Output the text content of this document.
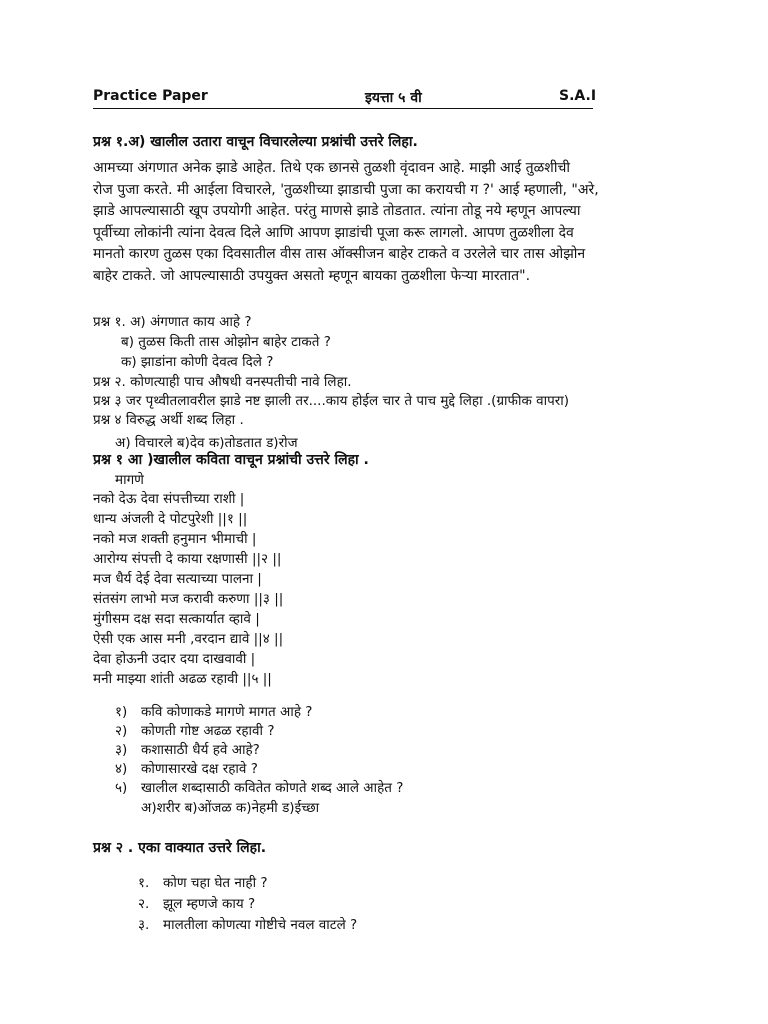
Practice Paper	इयत्ता ५ वी	S.A.I
प्रश्न १.अ) खालील उतारा वाचून विचारलेल्या प्रश्नांची उत्तरे लिहा.
आमच्या अंगणात अनेक झाडे आहेत. तिथे एक छानसे तुळशी वृंदावन आहे. माझी आई तुळशीची
रोज पुजा करते. मी आईला विचारले, 'तुळशीच्या झाडाची पुजा का करायची ग ?' आई म्हणाली, "अरे,
झाडे आपल्यासाठी खूप उपयोगी आहेत. परंतु माणसे झाडे तोडतात. त्यांना तोडू नये म्हणून आपल्या
पूर्वीच्या लोकांनी त्यांना देवत्व दिले आणि आपण झाडांची पूजा करू लागलो. आपण तुळशीला देव
मानतो कारण तुळस एका दिवसातील वीस तास ऑक्सीजन बाहेर टाकते व उरलेले चार तास ओझोन
बाहेर टाकते. जो आपल्यासाठी उपयुक्त असतो म्हणून बायका तुळशीला फेऱ्या मारतात".
प्रश्न १. अ) अंगणात काय आहे ?
ब) तुळस किती तास ओझोन बाहेर टाकते ?
क) झाडांना कोणी देवत्व दिले ?
प्रश्न २. कोणत्याही पाच औषधी वनस्पतीची नावे लिहा.
प्रश्न ३ जर पृथ्वीतलावरील झाडे नष्ट झाली तर....काय होईल चार ते पाच मुद्दे लिहा .(ग्राफीक वापरा)
प्रश्न ४ विरुद्ध अर्थी शब्द लिहा .
अ) विचारले ब)देव क)तोडतात ड)रोज
प्रश्न १ आ )खालील कविता वाचून प्रश्नांची उत्तरे लिहा .
मागणे
नको देऊ देवा संपत्तीच्या राशी |
धान्य अंजली दे पोटपुरेशी ||१ ||
नको मज शक्ती हनुमान भीमाची |
आरोग्य संपत्ती दे काया रक्षणासी ||२ ||
मज धैर्य देई देवा सत्याच्या पालना |
संतसंग लाभो मज करावी करुणा ||३ ||
मुंगीसम दक्ष सदा सत्कार्यात व्हावे |
ऐसी एक आस मनी ,वरदान द्यावे ||४ ||
देवा होऊनी उदार दया दाखवावी |
मनी माझ्या शांती अढळ रहावी ||५ ||
१) कवि कोणाकडे मागणे मागत आहे ?
२) कोणती गोष्ट अढळ रहावी ?
३) कशासाठी धैर्य हवे आहे?
४) कोणासारखे दक्ष रहावे ?
५) खालील शब्दासाठी कवितेत कोणते शब्द आले आहेत ?
अ)शरीर ब)ओंजळ क)नेहमी ड)ईच्छा
प्रश्न २ . एका वाक्यात उत्तरे लिहा.
१. कोण चहा घेत नाही ?
२. झूल म्हणजे काय ?
३. मालतीला कोणत्या गोष्टीचे नवल वाटले ?
